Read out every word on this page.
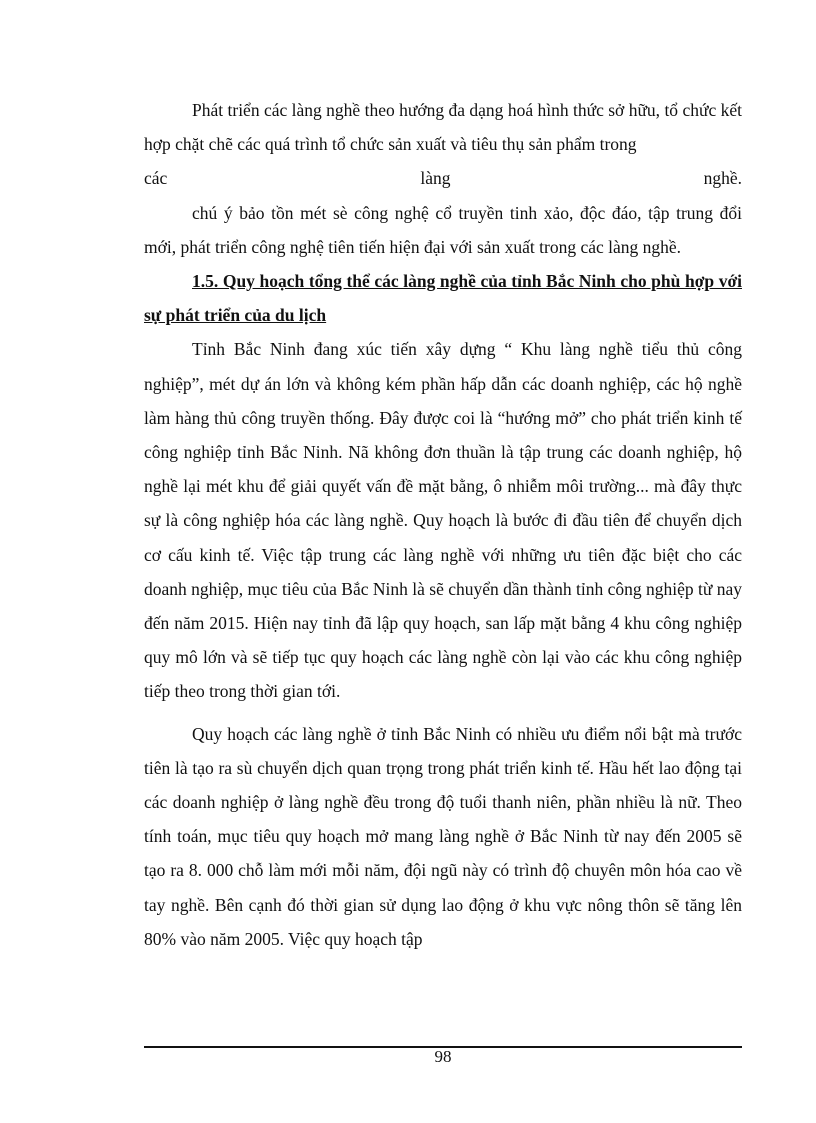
Phát triển các làng nghề theo hướng đa dạng hoá hình thức sở hữu, tổ chức kết hợp chặt chẽ các quá trình tổ chức sản xuất và tiêu thụ sản phẩm trong

các	làng	nghề.

chú ý bảo tồn mét sè công nghệ cổ truyền tinh xảo, độc đáo, tập trung đổi mới, phát triển công nghệ tiên tiến hiện đại với sản xuất trong các làng nghề.

1.5. Quy hoạch tổng thể các làng nghề của tỉnh Bắc Ninh cho phù hợp với sự phát triển của du lịch

Tỉnh Bắc Ninh đang xúc tiến xây dựng “ Khu làng nghề tiểu thủ công nghiệp”, mét dự án lớn và không kém phần hấp dẫn các doanh nghiệp, các hộ nghề làm hàng thủ công truyền thống. Đây được coi là “hướng mở” cho phát triển kinh tế công nghiệp tỉnh Bắc Ninh. Nã không đơn thuần là tập trung các doanh nghiệp, hộ nghề lại mét khu để giải quyết vấn đề mặt bằng, ô nhiễm môi trường... mà đây thực sự là công nghiệp hóa các làng nghề. Quy hoạch là bước đi đầu tiên để chuyển dịch cơ cấu kinh tế. Việc tập trung các làng nghề với những ưu tiên đặc biệt cho các doanh nghiệp, mục tiêu của Bắc Ninh là sẽ chuyển dần thành tỉnh công nghiệp từ nay đến năm 2015. Hiện nay tỉnh đã lập quy hoạch, san lấp mặt bằng 4 khu công nghiệp quy mô lớn và sẽ tiếp tục quy hoạch các làng nghề còn lại vào các khu công nghiệp tiếp theo trong thời gian tới.

Quy hoạch các làng nghề ở tỉnh Bắc Ninh có nhiều ưu điểm nổi bật mà trước tiên là tạo ra sù chuyển dịch quan trọng trong phát triển kinh tế. Hầu hết lao động tại các doanh nghiệp ở làng nghề đều trong độ tuổi thanh niên, phần nhiều là nữ. Theo tính toán, mục tiêu quy hoạch mở mang làng nghề ở Bắc Ninh từ nay đến 2005 sẽ tạo ra 8. 000 chỗ làm mới mỗi năm, đội ngũ này có trình độ chuyên môn hóa cao về tay nghề. Bên cạnh đó thời gian sử dụng lao động ở khu vực nông thôn sẽ tăng lên 80% vào năm 2005. Việc quy hoạch tập

98
